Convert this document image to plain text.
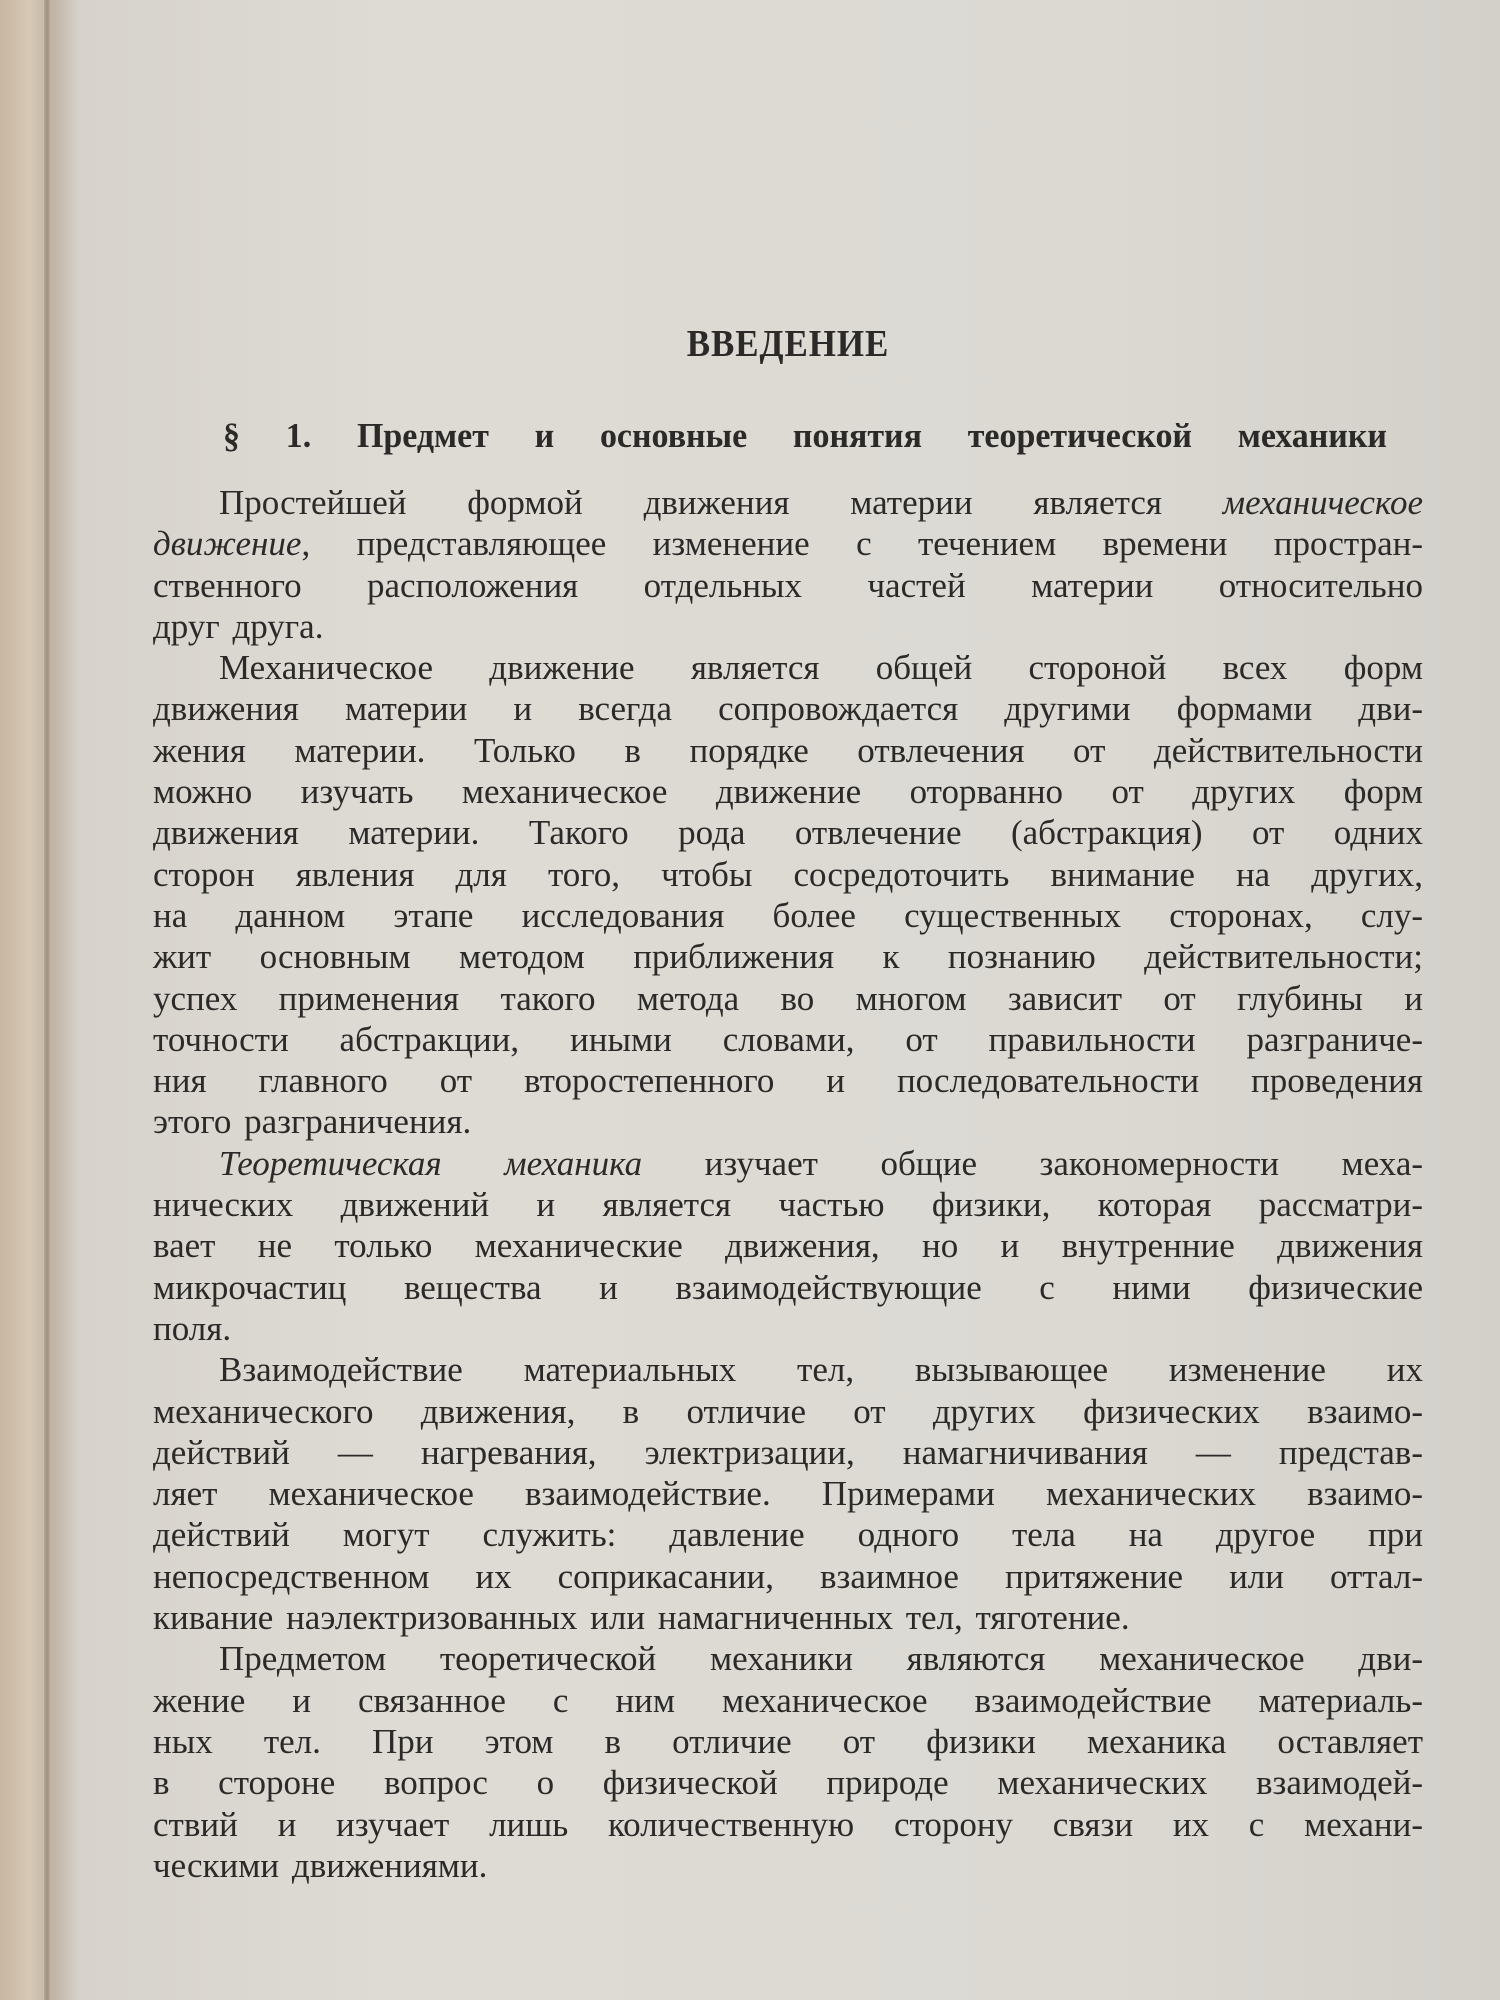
ВВЕДЕНИЕ
§ 1. Предмет и основные понятия теоретической механики
Простейшей формой движения материи является механическое
движение, представляющее изменение с течением времени простран-
ственного расположения отдельных частей материи относительно
друг друга.
Механическое движение является общей стороной всех форм
движения материи и всегда сопровождается другими формами дви-
жения материи. Только в порядке отвлечения от действительности
можно изучать механическое движение оторванно от других форм
движения материи. Такого рода отвлечение (абстракция) от одних
сторон явления для того, чтобы сосредоточить внимание на других,
на данном этапе исследования более существенных сторонах, слу-
жит основным методом приближения к познанию действительности;
успех применения такого метода во многом зависит от глубины и
точности абстракции, иными словами, от правильности разграниче-
ния главного от второстепенного и последовательности проведения
этого разграничения.
Теоретическая механика изучает общие закономерности меха-
нических движений и является частью физики, которая рассматри-
вает не только механические движения, но и внутренние движения
микрочастиц вещества и взаимодействующие с ними физические
поля.
Взаимодействие материальных тел, вызывающее изменение их
механического движения, в отличие от других физических взаимо-
действий — нагревания, электризации, намагничивания — представ-
ляет механическое взаимодействие. Примерами механических взаимо-
действий могут служить: давление одного тела на другое при
непосредственном их соприкасании, взаимное притяжение или оттал-
кивание наэлектризованных или намагниченных тел, тяготение.
Предметом теоретической механики являются механическое дви-
жение и связанное с ним механическое взаимодействие материаль-
ных тел. При этом в отличие от физики механика оставляет
в стороне вопрос о физической природе механических взаимодей-
ствий и изучает лишь количественную сторону связи их с механи-
ческими движениями.
